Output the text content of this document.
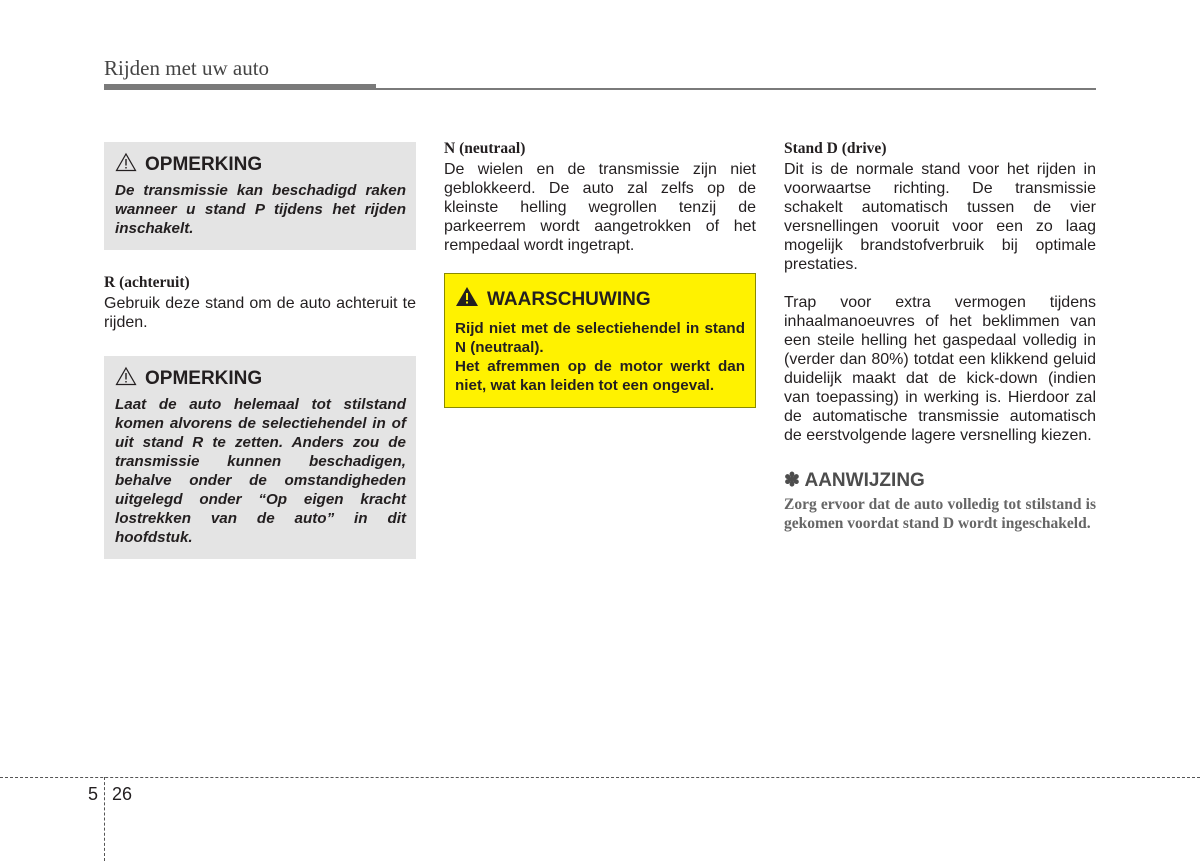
Rijden met uw auto
OPMERKING
De transmissie kan beschadigd raken wanneer u stand P tijdens het rijden inschakelt.

R (achteruit)

Gebruik deze stand om de auto achteruit te rijden.

OPMERKING
Laat de auto helemaal tot stilstand komen alvorens de selectiehendel in of uit stand R te zetten. Anders zou de transmissie kunnen beschadigen, behalve onder de omstandigheden uitgelegd onder “Op eigen kracht lostrekken van de auto” in dit hoofdstuk.

N (neutraal)

De wielen en de transmissie zijn niet geblokkeerd. De auto zal zelfs op de kleinste helling wegrollen tenzij de parkeerrem wordt aangetrokken of het rempedaal wordt ingetrapt.

WAARSCHUWING

Rijd niet met de selectiehendel in stand N (neutraal).

Het afremmen op de motor werkt dan niet, wat kan leiden tot een ongeval.

Stand D (drive)

Dit is de normale stand voor het rijden in voorwaartse richting. De transmissie schakelt automatisch tussen de vier versnellingen vooruit voor een zo laag mogelijk brandstofverbruik bij optimale prestaties.

Trap voor extra vermogen tijdens inhaalmanoeuvres of het beklimmen van een steile helling het gaspedaal volledig in (verder dan 80%) totdat een klikkend geluid duidelijk maakt dat de kick-down (indien van toepassing) in werking is. Hierdoor zal de automatische transmissie automatisch de eerstvolgende lagere versnelling kiezen.

✽ AANWIJZING

Zorg ervoor dat de auto volledig tot stilstand is gekomen voordat stand D wordt ingeschakeld.

5 26
